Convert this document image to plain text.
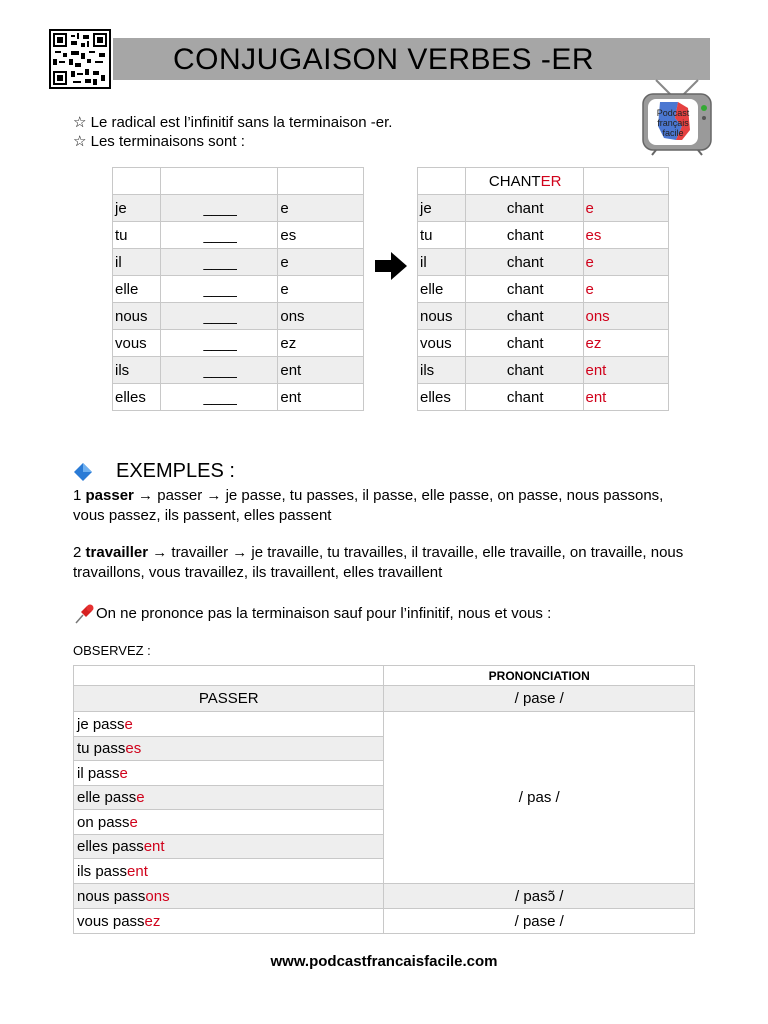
CONJUGAISON VERBES -ER
Podcast
français
facile
☆ Le radical est l’infinitif sans la terminaison -er.
☆ Les terminaisons sont :

je	____	e
tu	____	es
il	____	e
elle	____	e
nous	____	ons
vous	____	ez
ils	____	ent
elles	____	ent
	CHANTER	
je	chant	e
tu	chant	es
il	chant	e
elle	chant	e
nous	chant	ons
vous	chant	ez
ils	chant	ent
elles	chant	ent
EXEMPLES :
1 passer → passer → je passe, tu passes, il passe, elle passe, on passe, nous passons, vous passez, ils passent, elles passent
2 travailler → travailler → je travaille, tu travailles, il travaille, elle travaille, on travaille, nous travaillons, vous travaillez, ils travaillent, elles travaillent
On ne prononce pas la terminaison sauf pour l’infinitif, nous et vous :
OBSERVEZ :
	PRONONCIATION
PASSER	/ pase /
je passe	/ pas /
tu passes	
il passe	
elle passe	
on passe	
elles passent	
ils passent	
nous passons	/ pasɔ̃ /
vous passez	/ pase /
www.podcastfrancaisfacile.com
